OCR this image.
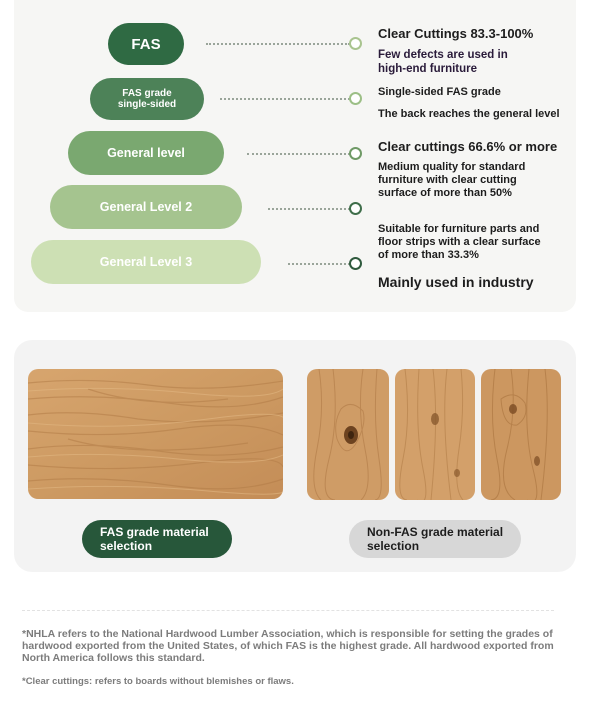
FAS
FAS grade single-sided
General level
General Level 2
General Level 3
Clear Cuttings 83.3-100%
Few defects are used in high-end furniture
Single-sided FAS grade
The back reaches the general level
Clear cuttings 66.6% or more
Medium quality for standard furniture with clear cutting surface of more than 50%
Suitable for furniture parts and floor strips with a clear surface of more than 33.3%
Mainly used in industry
FAS grade material selection
Non-FAS grade material selection
*NHLA refers to the National Hardwood Lumber Association, which is responsible for setting the grades of hardwood exported from the United States, of which FAS is the highest grade. All hardwood exported from North America follows this standard.
*Clear cuttings: refers to boards without blemishes or flaws.
